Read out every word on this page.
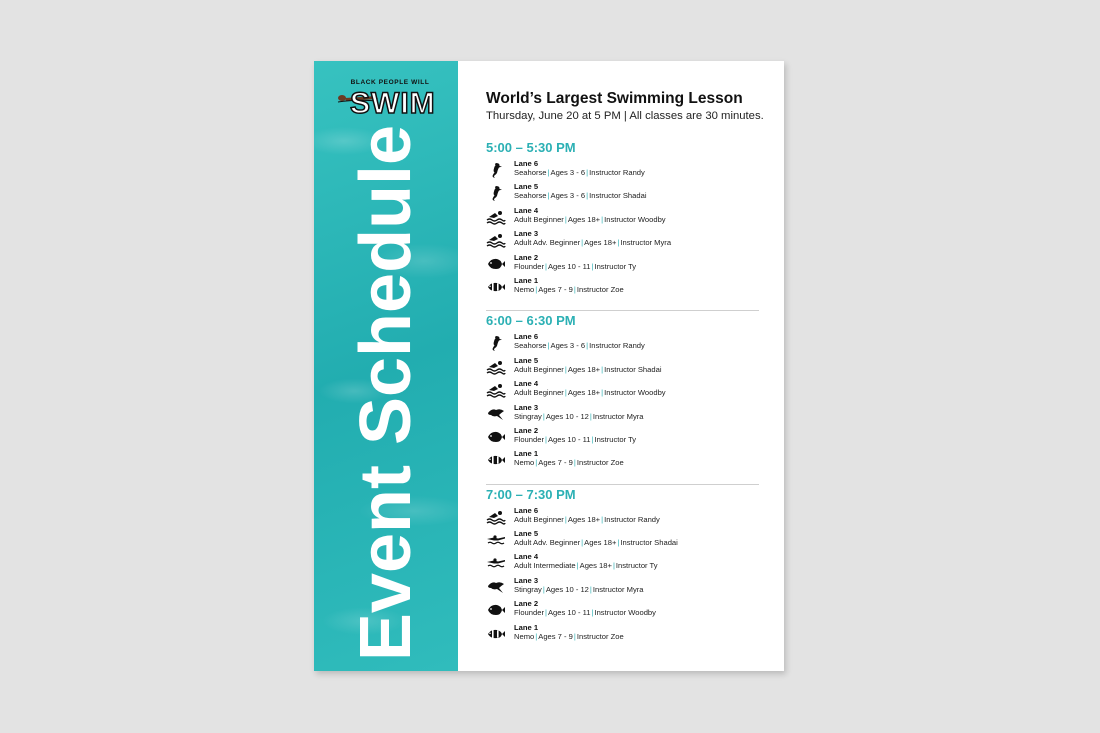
BLACK PEOPLE WILL
SWIM
Event Schedule
World’s Largest Swimming Lesson

Thursday, June 20 at 5 PM | All classes are 30 minutes.

5:00 – 5:30 PM
Lane 6
Seahorse|Ages 3 - 6|Instructor Randy
Lane 5
Seahorse|Ages 3 - 6|Instructor Shadai
Lane 4
Adult Beginner|Ages 18+|Instructor Woodby
Lane 3
Adult Adv. Beginner|Ages 18+|Instructor Myra
Lane 2
Flounder|Ages 10 - 11|Instructor Ty
Lane 1
Nemo|Ages 7 - 9|Instructor Zoe
6:00 – 6:30 PM
Lane 6
Seahorse|Ages 3 - 6|Instructor Randy
Lane 5
Adult Beginner|Ages 18+|Instructor Shadai
Lane 4
Adult Beginner|Ages 18+|Instructor Woodby
Lane 3
Stingray|Ages 10 - 12|Instructor Myra
Lane 2
Flounder|Ages 10 - 11|Instructor Ty
Lane 1
Nemo|Ages 7 - 9|Instructor Zoe
7:00 – 7:30 PM
Lane 6
Adult Beginner|Ages 18+|Instructor Randy
Lane 5
Adult Adv. Beginner|Ages 18+|Instructor Shadai
Lane 4
Adult Intermediate|Ages 18+|Instructor Ty
Lane 3
Stingray|Ages 10 - 12|Instructor Myra
Lane 2
Flounder|Ages 10 - 11|Instructor Woodby
Lane 1
Nemo|Ages 7 - 9|Instructor Zoe
